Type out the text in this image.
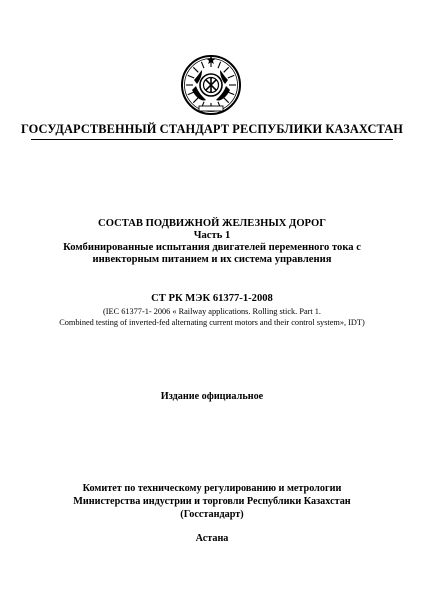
ГОСУДАРСТВЕННЫЙ СТАНДАРТ РЕСПУБЛИКИ КАЗАХСТАН
СОСТАВ ПОДВИЖНОЙ ЖЕЛЕЗНЫХ ДОРОГ
Часть 1
Комбинированные испытания двигателей переменного тока с
инвекторным питанием и их система управления
СТ РК МЭК 61377-1-2008
(IEC 61377-1- 2006 « Railway applications. Rolling stick. Part 1.
Combined testing of inverted-fed alternating current motors and their control system», IDT)
Издание официальное
Комитет по техническому регулированию и метрологии
Министерства индустрии и торговли Республики Казахстан
(Госстандарт)
Астана
